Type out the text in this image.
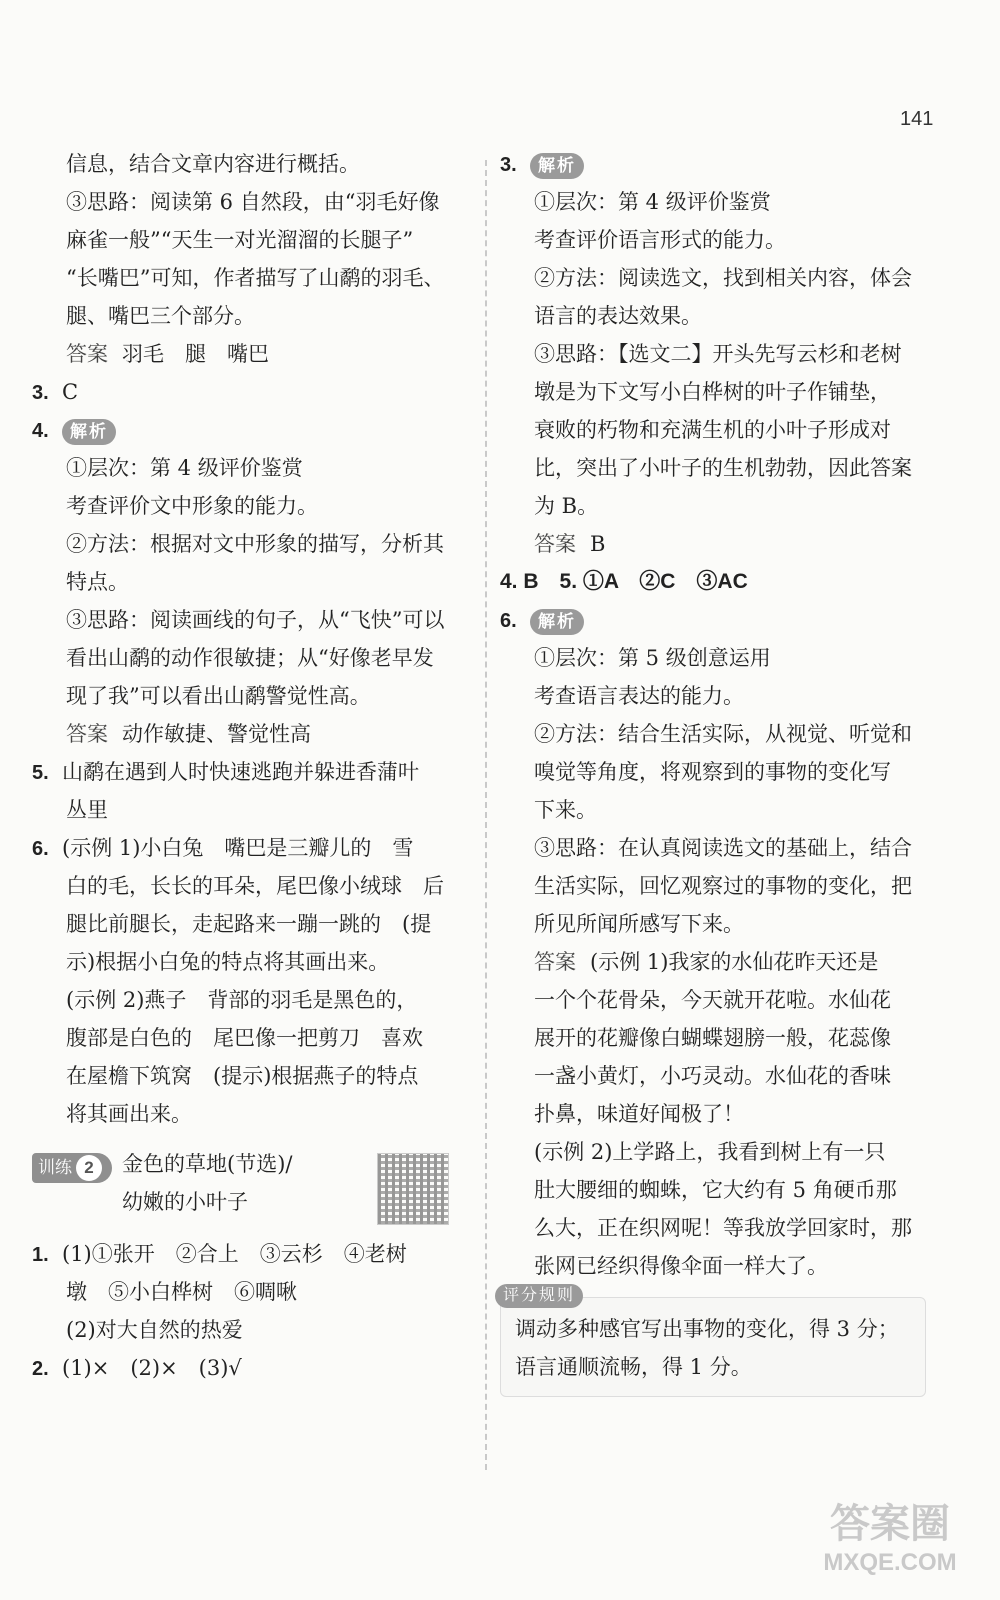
141
信息，结合文章内容进行概括。
③思路：阅读第 6 自然段，由“羽毛好像
麻雀一般”“天生一对光溜溜的长腿子”
“长嘴巴”可知，作者描写了山鹬的羽毛、
腿、嘴巴三个部分。
答案 羽毛　腿　嘴巴
3. C
4. 解析
①层次：第 4 级评价鉴赏
考查评价文中形象的能力。
②方法：根据对文中形象的描写，分析其
特点。
③思路：阅读画线的句子，从“飞快”可以
看出山鹬的动作很敏捷；从“好像老早发
现了我”可以看出山鹬警觉性高。
答案 动作敏捷、警觉性高
5. 山鹬在遇到人时快速逃跑并躲进香蒲叶
丛里
6. (示例 1)小白兔　嘴巴是三瓣儿的　雪
白的毛，长长的耳朵，尾巴像小绒球　后
腿比前腿长，走起路来一蹦一跳的　(提
示)根据小白兔的特点将其画出来。
(示例 2)燕子　背部的羽毛是黑色的，
腹部是白色的　尾巴像一把剪刀　喜欢
在屋檐下筑窝　(提示)根据燕子的特点
将其画出来。
训练 2	金色的草地(节选)/
幼嫩的小叶子
1. (1)①张开　②合上　③云杉　④老树
墩　⑤小白桦树　⑥啁啾
(2)对大自然的热爱
2. (1)×　(2)×　(3)√
3. 解析
①层次：第 4 级评价鉴赏
考查评价语言形式的能力。
②方法：阅读选文，找到相关内容，体会
语言的表达效果。
③思路：【选文二】开头先写云杉和老树
墩是为下文写小白桦树的叶子作铺垫，
衰败的朽物和充满生机的小叶子形成对
比，突出了小叶子的生机勃勃，因此答案
为 B。
答案 B
4. B　5. ①A　②C　③AC
6. 解析
①层次：第 5 级创意运用
考查语言表达的能力。
②方法：结合生活实际，从视觉、听觉和
嗅觉等角度，将观察到的事物的变化写
下来。
③思路：在认真阅读选文的基础上，结合
生活实际，回忆观察过的事物的变化，把
所见所闻所感写下来。
答案 (示例 1)我家的水仙花昨天还是
一个个花骨朵，今天就开花啦。水仙花
展开的花瓣像白蝴蝶翅膀一般，花蕊像
一盏小黄灯，小巧灵动。水仙花的香味
扑鼻，味道好闻极了！
(示例 2)上学路上，我看到树上有一只
肚大腰细的蜘蛛，它大约有 5 角硬币那
么大，正在织网呢！等我放学回家时，那
张网已经织得像伞面一样大了。
评分规则
调动多种感官写出事物的变化，得 3 分；
语言通顺流畅，得 1 分。
答案圈
MXQE.COM
